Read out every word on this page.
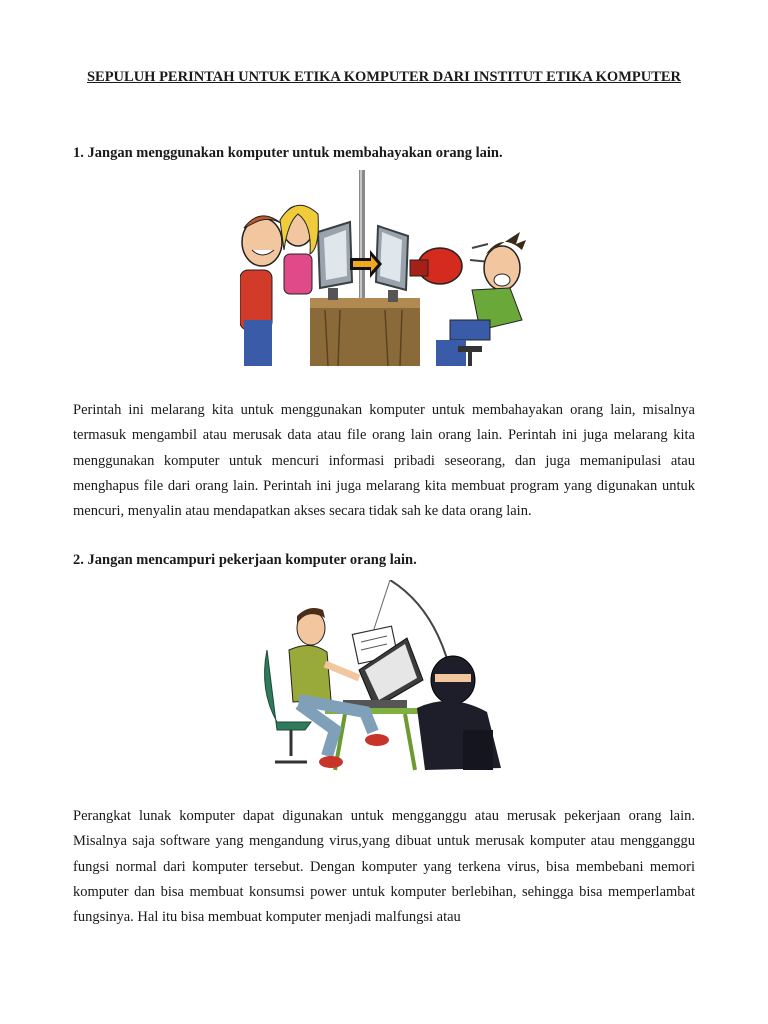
SEPULUH PERINTAH UNTUK ETIKA KOMPUTER DARI INSTITUT ETIKA KOMPUTER
1. Jangan menggunakan komputer untuk membahayakan orang lain.
Perintah ini melarang kita untuk menggunakan komputer untuk membahayakan orang lain, misalnya termasuk mengambil atau merusak data atau file orang lain orang lain. Perintah ini juga melarang kita menggunakan komputer untuk mencuri informasi pribadi seseorang, dan juga memanipulasi atau menghapus file dari orang lain. Perintah ini juga melarang kita membuat program yang digunakan untuk mencuri, menyalin atau mendapatkan akses secara tidak sah ke data orang lain.
2. Jangan mencampuri pekerjaan komputer orang lain.
Perangkat lunak komputer dapat digunakan untuk mengganggu atau merusak pekerjaan orang lain. Misalnya saja software yang mengandung virus,yang dibuat untuk merusak komputer atau mengganggu fungsi normal dari komputer tersebut. Dengan komputer yang terkena virus, bisa membebani memori komputer dan bisa membuat konsumsi power untuk komputer berlebihan, sehingga bisa memperlambat fungsinya. Hal itu bisa membuat komputer menjadi malfungsi atau
